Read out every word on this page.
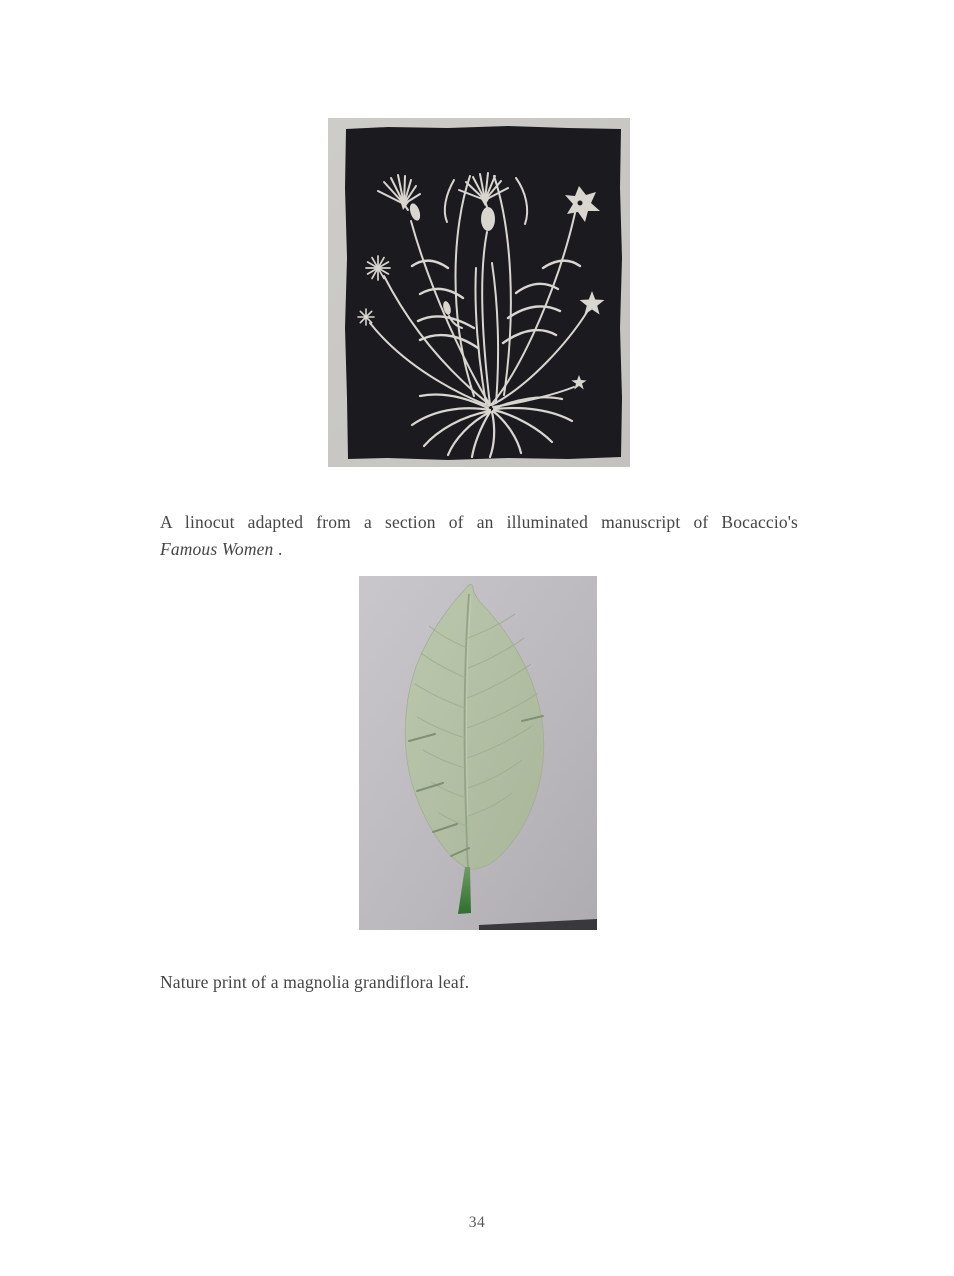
A linocut adapted from a section of an illuminated manuscript of Bocaccio's
Famous Women .
Nature print of a magnolia grandiflora leaf.
34
